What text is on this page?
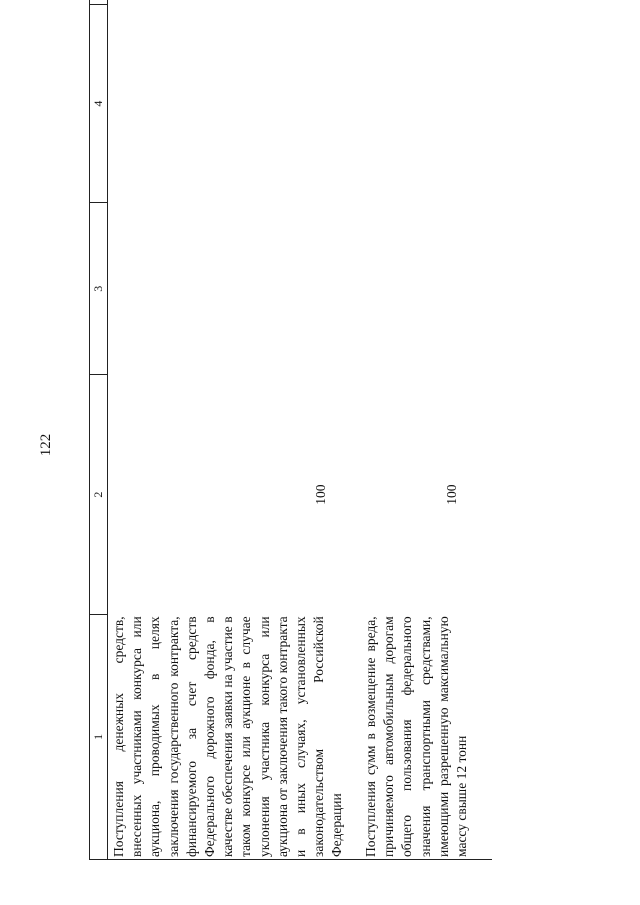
122
1	2	3	4		
Поступления денежных средств, внесенных участниками конкурса или аукциона, проводимых в целях заключения государственного контракта, финансируемого за счет средств Федерального дорожного фонда, в качестве обеспечения заявки на участие в таком конкурсе или аукционе в случае уклонения участника конкурса или аукциона от заключения такого контракта и в иных случаях, установленных законодательством Российской Федерации	100				
Поступления сумм в возмещение вреда, причиняемого автомобильным дорогам общего пользования федерального значения транспортными средствами, имеющими разрешенную максимальную массу свыше 12 тонн	100				
